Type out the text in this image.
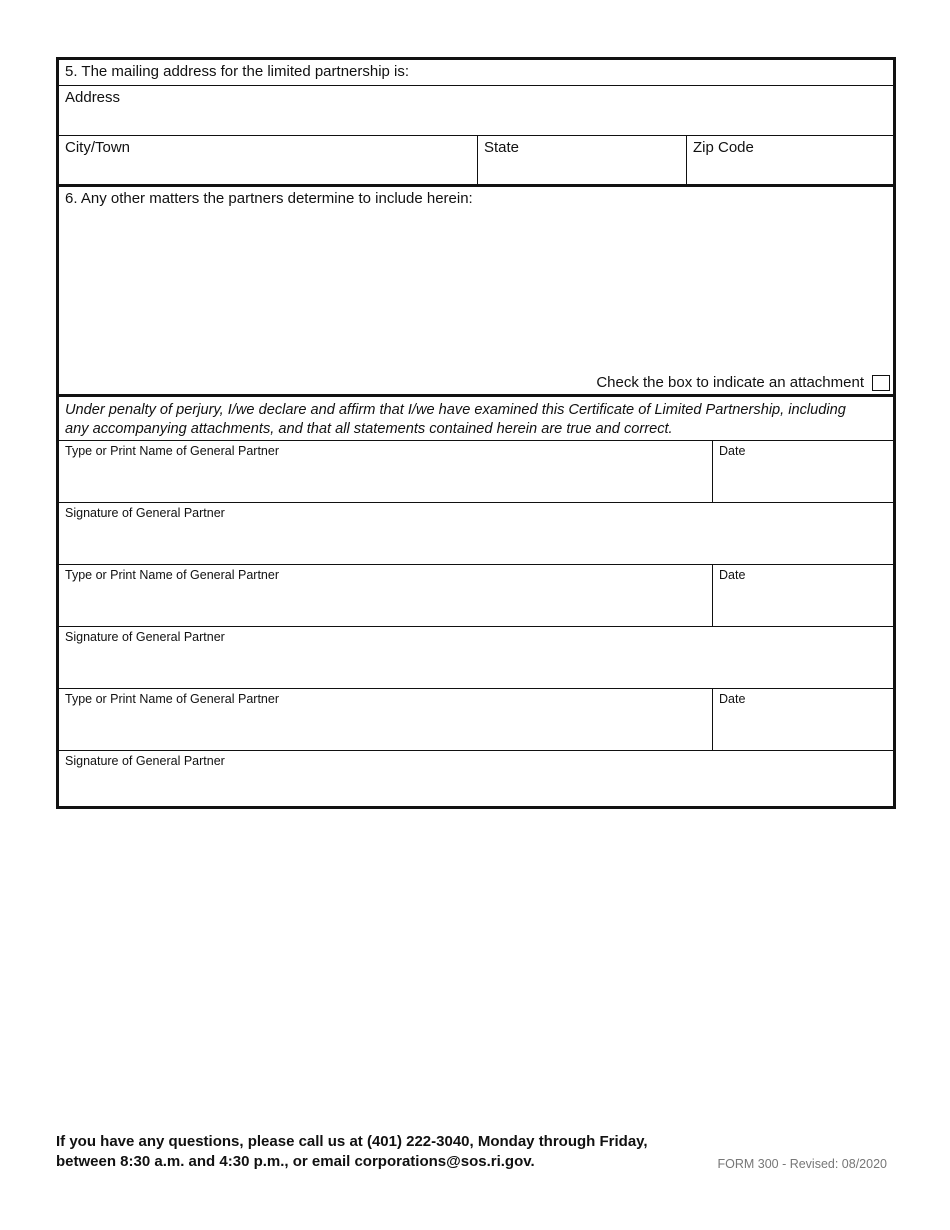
5. The mailing address for the limited partnership is:
Address
City/Town	State	Zip Code
6. Any other matters the partners determine to include herein:
Check the box to indicate an attachment
Under penalty of perjury, I/we declare and affirm that I/we have examined this Certificate of Limited Partnership, including any accompanying attachments, and that all statements contained herein are true and correct.
Type or Print Name of General Partner	Date
Signature of General Partner
Type or Print Name of General Partner	Date
Signature of General Partner
Type or Print Name of General Partner	Date
Signature of General Partner
If you have any questions, please call us at (401) 222-3040, Monday through Friday,
between 8:30 a.m. and 4:30 p.m., or email corporations@sos.ri.gov.	FORM 300 - Revised: 08/2020
